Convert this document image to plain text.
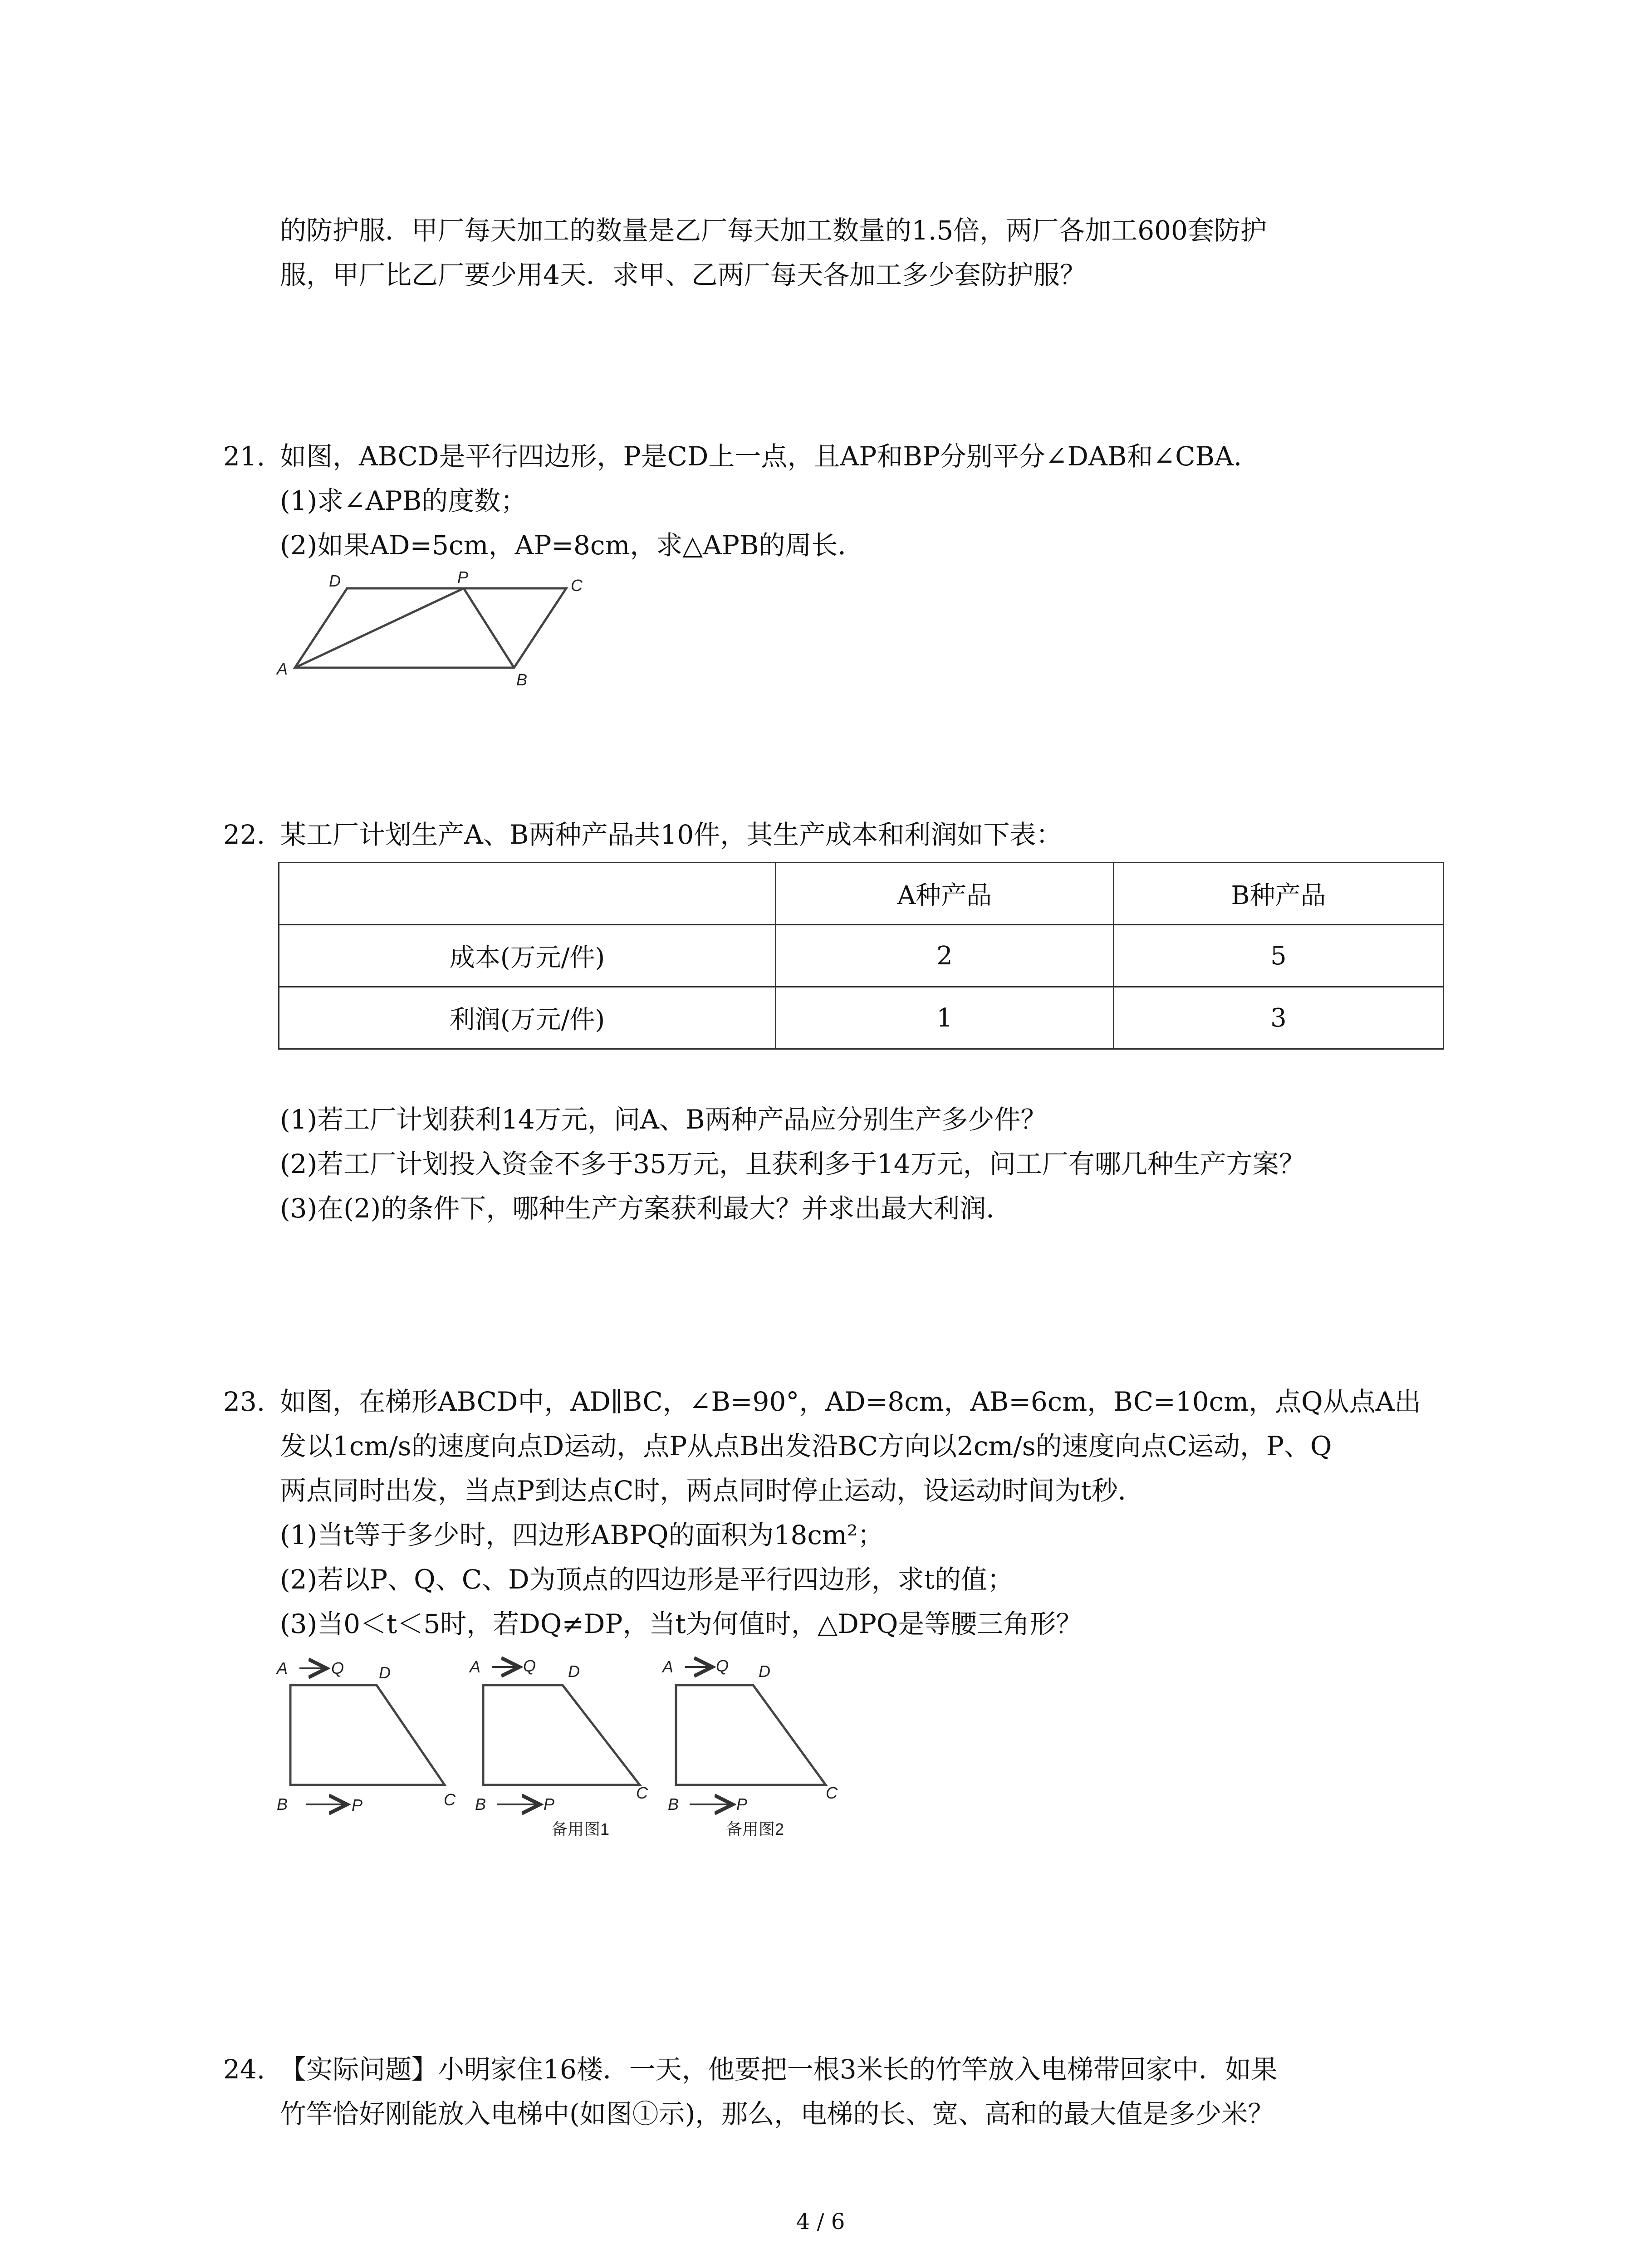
的防护服．甲厂每天加工的数量是乙厂每天加工数量的1.5倍，两厂各加工600套防护
服，甲厂比乙厂要少用4天．求甲、乙两厂每天各加工多少套防护服？
21. 如图，ABCD是平行四边形，P是CD上一点，且AP和BP分别平分∠DAB和∠CBA．
(1)求∠APB的度数；
(2)如果AD=5cm，AP=8cm，求△APB的周长．
A
D	P	C
B
22. 某工厂计划生产A、B两种产品共10件，其生产成本和利润如下表：
	A种产品	B种产品
成本(万元/件)	2	5
利润(万元/件)	1	3
(1)若工厂计划获利14万元，问A、B两种产品应分别生产多少件？
(2)若工厂计划投入资金不多于35万元，且获利多于14万元，问工厂有哪几种生产方案？
(3)在(2)的条件下，哪种生产方案获利最大？并求出最大利润．
23. 如图，在梯形ABCD中，AD∥BC，∠B=90°，AD=8cm，AB=6cm，BC=10cm，点Q从点A出
发以1cm/s的速度向点D运动，点P从点B出发沿BC方向以2cm/s的速度向点C运动，P、Q
两点同时出发，当点P到达点C时，两点同时停止运动，设运动时间为t秒．
(1)当t等于多少时，四边形ABPQ的面积为18cm²；
(2)若以P、Q、C、D为顶点的四边形是平行四边形，求t的值；
(3)当0＜t＜5时，若DQ≠DP，当t为何值时，△DPQ是等腰三角形？
A	Q D
B	P	C
A	Q D
B	P
C
备用图1
A	Q D
B	P
C
备用图2
24. 【实际问题】小明家住16楼．一天，他要把一根3米长的竹竿放入电梯带回家中．如果
竹竿恰好刚能放入电梯中(如图①示)，那么，电梯的长、宽、高和的最大值是多少米？
4 / 6
